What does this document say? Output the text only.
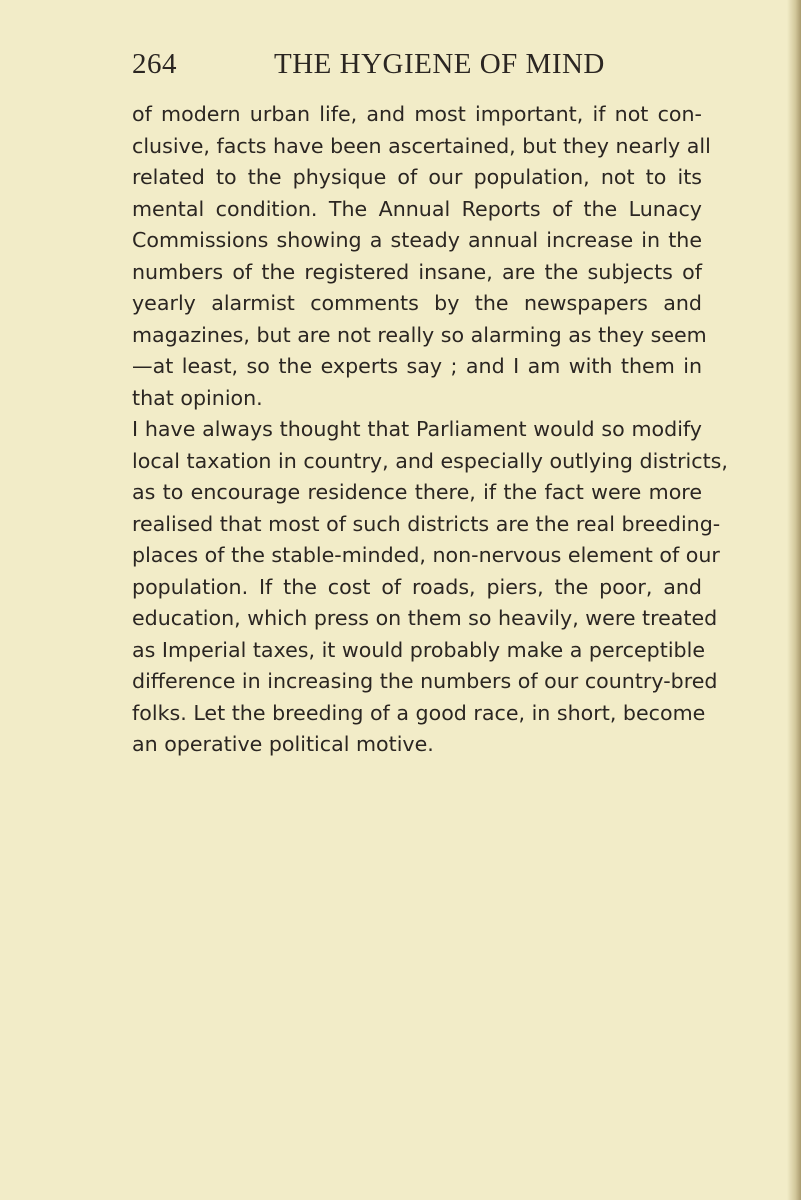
264	THE HYGIENE OF MIND
of modern urban life, and most important, if not con-
clusive, facts have been ascertained, but they nearly all
related to the physique of our population, not to its
mental condition. The Annual Reports of the Lunacy
Commissions showing a steady annual increase in the
numbers of the registered insane, are the subjects of
yearly alarmist comments by the newspapers and
magazines, but are not really so alarming as they seem
—at least, so the experts say ; and I am with them in
that opinion.
I have always thought that Parliament would so modify
local taxation in country, and especially outlying districts,
as to encourage residence there, if the fact were more
realised that most of such districts are the real breeding-
places of the stable-minded, non-nervous element of our
population. If the cost of roads, piers, the poor, and
education, which press on them so heavily, were treated
as Imperial taxes, it would probably make a perceptible
difference in increasing the numbers of our country-bred
folks. Let the breeding of a good race, in short, become
an operative political motive.
